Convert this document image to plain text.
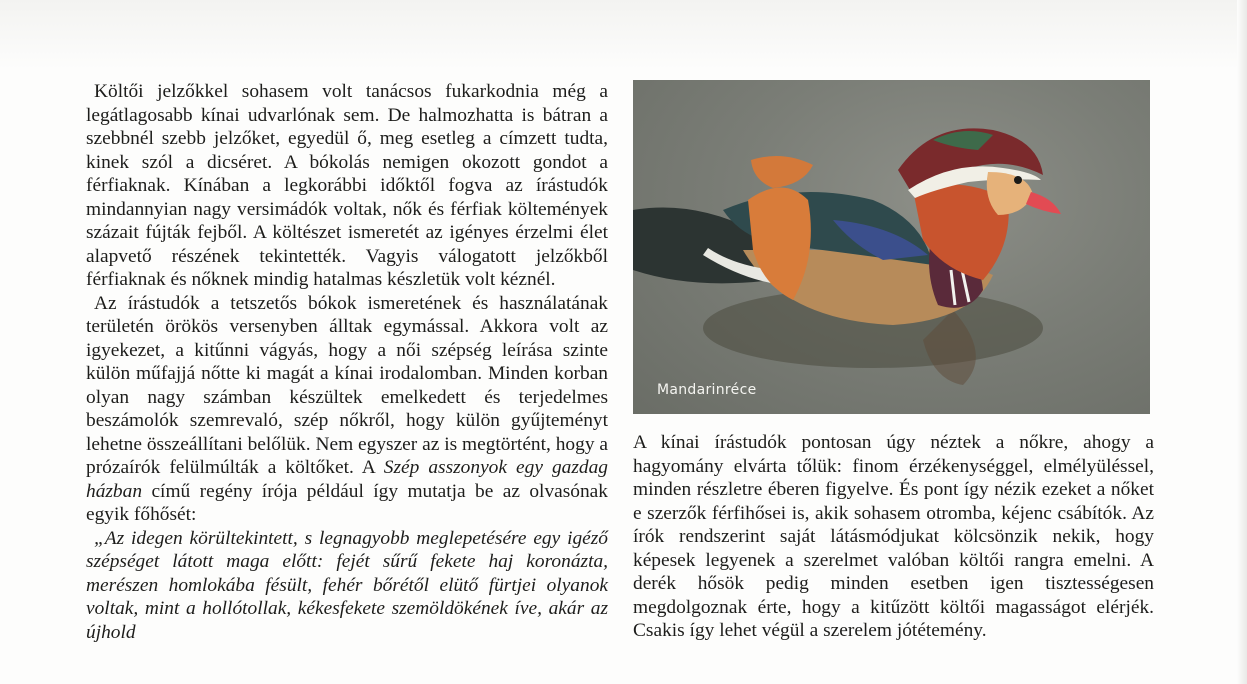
Költői jelzőkkel sohasem volt tanácsos fukarkodnia még a legátlagosabb kínai udvarlónak sem. De halmozhatta is bátran a szebbnél szebb jelzőket, egyedül ő, meg esetleg a címzett tudta, kinek szól a dicséret. A bókolás nemigen okozott gondot a férfiaknak. Kínában a legkorábbi időktől fogva az írástudók mindannyian nagy versimádók voltak, nők és férfiak költemények százait fújták fejből. A költészet ismeretét az igényes érzelmi élet alapvető részének tekintették. Vagyis válogatott jelzőkből férfiaknak és nőknek mindig hatalmas készletük volt kéznél.

Az írástudók a tetszetős bókok ismeretének és használatának területén örökös versenyben álltak egymással. Akkora volt az igyekezet, a kitűnni vágyás, hogy a női szépség leírása szinte külön műfajjá nőtte ki magát a kínai irodalomban. Minden korban olyan nagy számban készültek emelkedett és terjedelmes beszámolók szemrevaló, szép nőkről, hogy külön gyűjteményt lehetne összeállítani belőlük. Nem egyszer az is megtörtént, hogy a prózaírók felülmúlták a költőket. A Szép asszonyok egy gazdag házban című regény írója például így mutatja be az olvasónak egyik főhősét:

„Az idegen körültekintett, s legnagyobb meglepetésére egy igéző szépséget látott maga előtt: fejét sűrű fekete haj koronázta, merészen homlokába fésült, fehér bőrétől elütő fürtjei olyanok voltak, mint a hollótollak, kékesfekete szemöldökének íve, akár az újhold

Mandarinréce

A kínai írástudók pontosan úgy néztek a nőkre, ahogy a hagyomány elvárta tőlük: finom érzékenységgel, elmélyüléssel, minden részletre éberen figyelve. És pont így nézik ezeket a nőket e szerzők férfihősei is, akik sohasem otromba, kéjenc csábítók. Az írók rendszerint saját látásmódjukat kölcsönzik nekik, hogy képesek legyenek a szerelmet valóban költői rangra emelni. A derék hősök pedig minden esetben igen tisztességesen megdolgoznak érte, hogy a kitűzött költői magasságot elérjék. Csakis így lehet végül a szerelem jótétemény.
